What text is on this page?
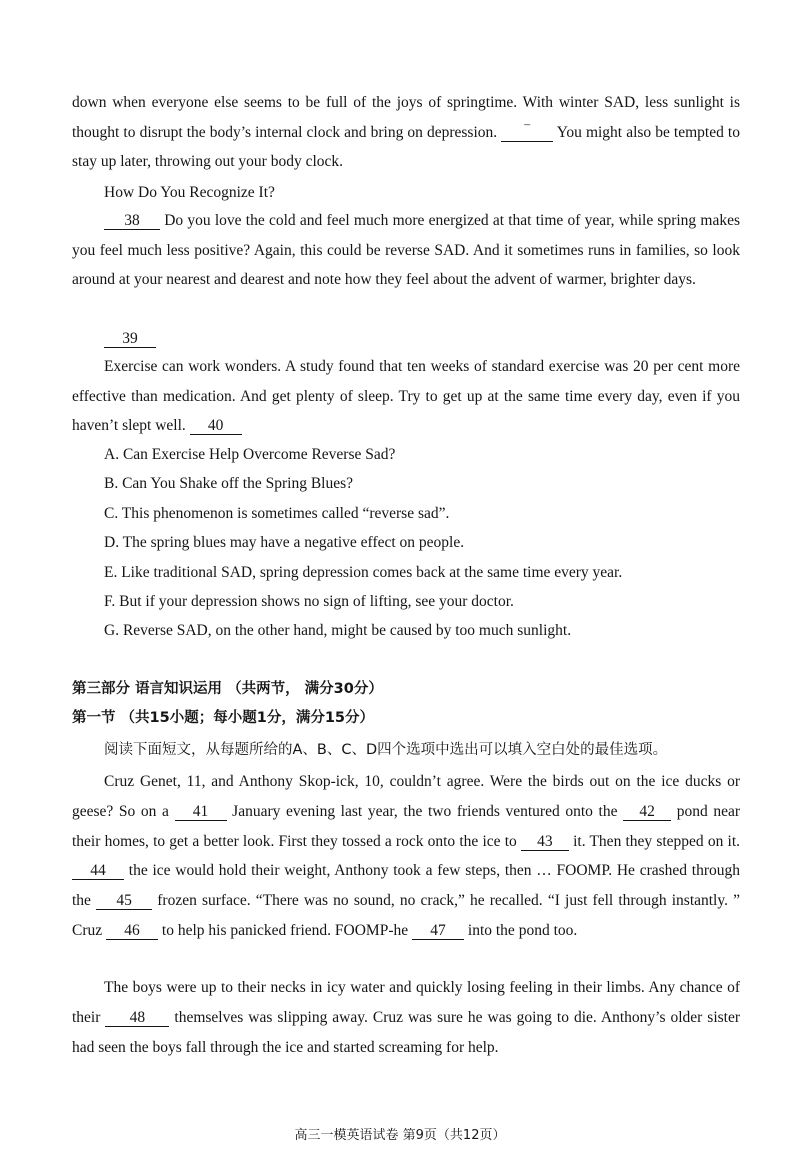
down when everyone else seems to be full of the joys of springtime. With winter SAD, less sunlight is thought to disrupt the body’s internal clock and bring on depression. ‾ You might also be tempted to stay up later, throwing out your body clock.

How Do You Recognize It?

38 Do you love the cold and feel much more energized at that time of year, while spring makes you feel much less positive? Again, this could be reverse SAD. And it sometimes runs in families, so look around at your nearest and dearest and note how they feel about the advent of warmer, brighter days.

39

Exercise can work wonders. A study found that ten weeks of standard exercise was 20 per cent more effective than medication. And get plenty of sleep. Try to get up at the same time every day, even if you haven’t slept well. 40

A. Can Exercise Help Overcome Reverse Sad?

B. Can You Shake off the Spring Blues?

C. This phenomenon is sometimes called “reverse sad”.

D. The spring blues may have a negative effect on people.

E. Like traditional SAD, spring depression comes back at the same time every year.

F. But if your depression shows no sign of lifting, see your doctor.

G. Reverse SAD, on the other hand, might be caused by too much sunlight.

第三部分 语言知识运用 （共两节， 满分30分）

第一节 （共15小题；每小题1分，满分15分）

阅读下面短文，从每题所给的A、B、C、D四个选项中选出可以填入空白处的最佳选项。

Cruz Genet, 11, and Anthony Skop-ick, 10, couldn’t agree. Were the birds out on the ice ducks or geese? So on a 41 January evening last year, the two friends ventured onto the 42 pond near their homes, to get a better look. First they tossed a rock onto the ice to 43 it. Then they stepped on it. 44 the ice would hold their weight, Anthony took a few steps, then … FOOMP. He crashed through the 45 frozen surface. “There was no sound, no crack,” he recalled. “I just fell through instantly. ” Cruz 46 to help his panicked friend. FOOMP-he 47 into the pond too.

The boys were up to their necks in icy water and quickly losing feeling in their limbs. Any chance of their 48 themselves was slipping away. Cruz was sure he was going to die. Anthony’s older sister had seen the boys fall through the ice and started screaming for help.

高三一模英语试卷 第9页（共12页）
